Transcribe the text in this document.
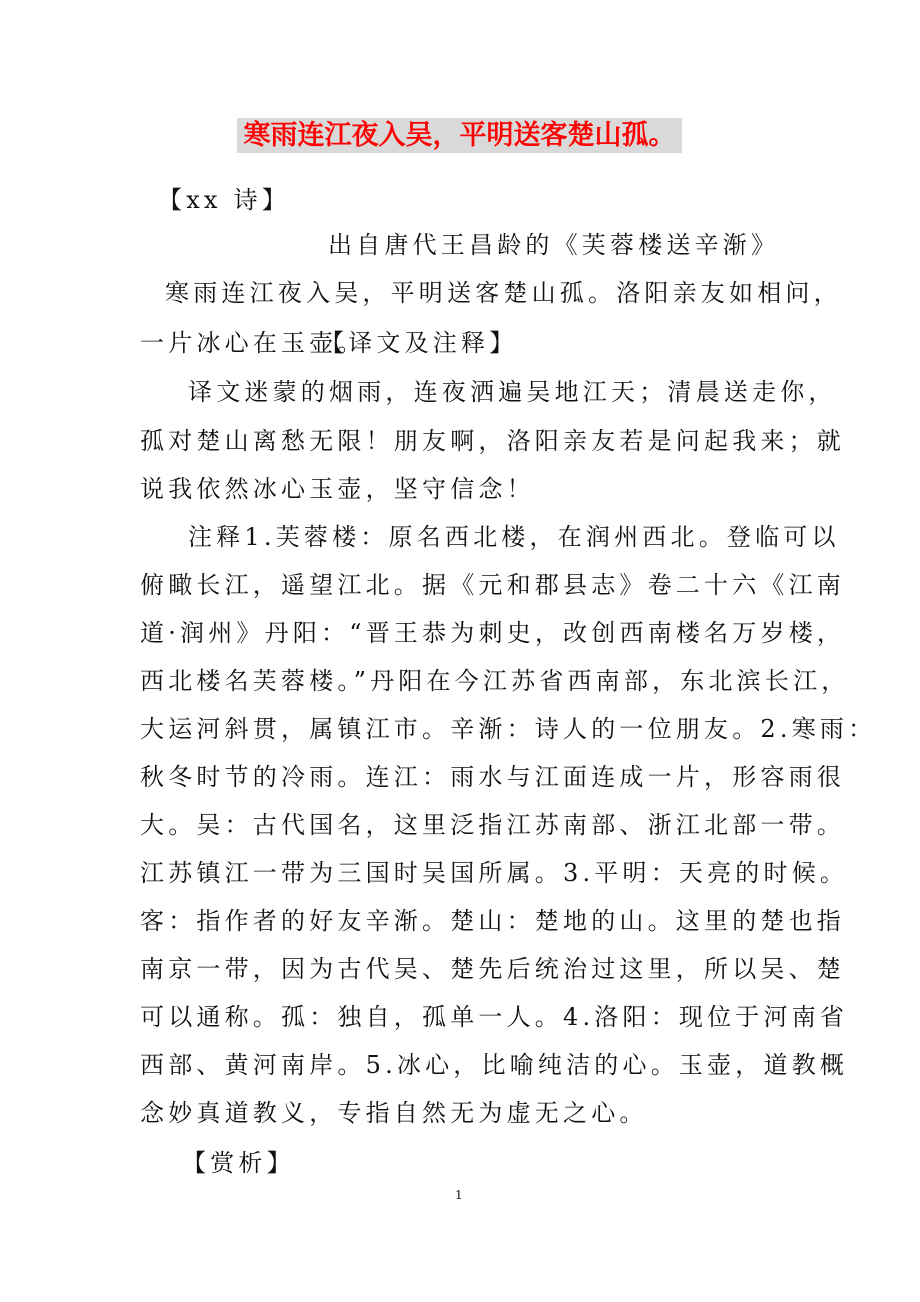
寒雨连江夜入吴，平明送客楚山孤。
【xx 诗】
出自唐代王昌龄的《芙蓉楼送辛渐》
寒雨连江夜入吴，平明送客楚山孤。洛阳亲友如相问，
一片冰心在玉壶。
【译文及注释】
译文迷蒙的烟雨，连夜洒遍吴地江天；清晨送走你，
孤对楚山离愁无限！朋友啊，洛阳亲友若是问起我来；就
说我依然冰心玉壶，坚守信念！
注释1.芙蓉楼：原名西北楼，在润州西北。登临可以
俯瞰长江，遥望江北。据《元和郡县志》卷二十六《江南
道·润州》丹阳：“晋王恭为刺史，改创西南楼名万岁楼，
西北楼名芙蓉楼。”丹阳在今江苏省西南部，东北滨长江，
大运河斜贯，属镇江市。辛渐：诗人的一位朋友。2.寒雨：
秋冬时节的冷雨。连江：雨水与江面连成一片，形容雨很
大。吴：古代国名，这里泛指江苏南部、浙江北部一带。
江苏镇江一带为三国时吴国所属。3.平明：天亮的时候。
客：指作者的好友辛渐。楚山：楚地的山。这里的楚也指
南京一带，因为古代吴、楚先后统治过这里，所以吴、楚
可以通称。孤：独自，孤单一人。4.洛阳：现位于河南省
西部、黄河南岸。5.冰心，比喻纯洁的心。玉壶，道教概
念妙真道教义，专指自然无为虚无之心。
【赏析】
1
